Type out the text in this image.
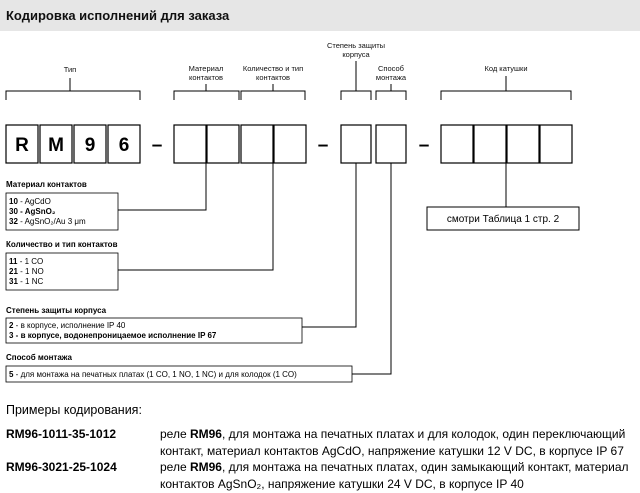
Кодировка исполнений для заказа
Тип	Материал
контактов
Количество и тип
контактов
Степень защиты
корпуса
Способ
монтажа
Код катушки
R M 9 6 –	–	–
смотри Таблица 1 стр. 2
Материал контактов
10 - AgCdO
30 - AgSnO₂
32 - AgSnO₂/Au 3 μm
Количество и тип контактов
11 - 1 CO
21 - 1 NO
31 - 1 NC
Степень защиты корпуса
2 - в корпусе, исполнение IP 40
3 - в корпусе, водонепроницаемое исполнение IP 67
Способ монтажа
5 - для монтажа на печатных платах (1 CO, 1 NO, 1 NC) и для колодок (1 CO)
Примеры кодирования:
RM96-1011-35-1012	реле RM96, для монтажа на печатных платах и для колодок, один переключающий
контакт, материал контактов AgCdO, напряжение катушки 12 V DC, в корпусе IP 67
RM96-3021-25-1024	реле RM96, для монтажа на печатных платах, один замыкающий контакт, материал
контактов AgSnO₂, напряжение катушки 24 V DC, в корпусе IP 40
